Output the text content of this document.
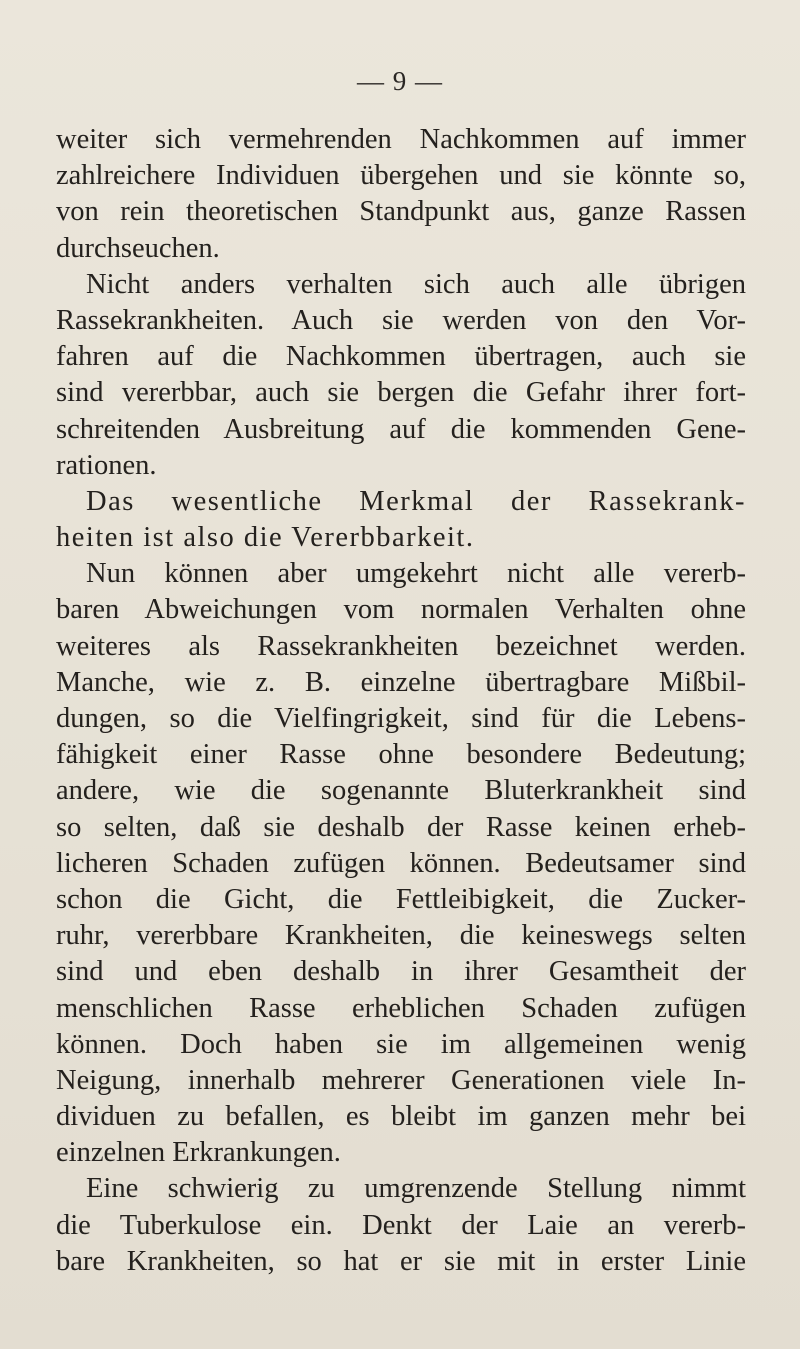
— 9 —
weiter sich vermehrenden Nachkommen auf immer
zahlreichere Individuen übergehen und sie könnte so,
von rein theoretischen Standpunkt aus, ganze Rassen
durchseuchen.
Nicht anders verhalten sich auch alle übrigen
Rassekrankheiten. Auch sie werden von den Vor-
fahren auf die Nachkommen übertragen, auch sie
sind vererbbar, auch sie bergen die Gefahr ihrer fort-
schreitenden Ausbreitung auf die kommenden Gene-
rationen.
Das wesentliche Merkmal der Rassekrank-
heiten ist also die Vererbbarkeit.
Nun können aber umgekehrt nicht alle vererb-
baren Abweichungen vom normalen Verhalten ohne
weiteres als Rassekrankheiten bezeichnet werden.
Manche, wie z. B. einzelne übertragbare Mißbil-
dungen, so die Vielfingrigkeit, sind für die Lebens-
fähigkeit einer Rasse ohne besondere Bedeutung;
andere, wie die sogenannte Bluterkrankheit sind
so selten, daß sie deshalb der Rasse keinen erheb-
licheren Schaden zufügen können. Bedeutsamer sind
schon die Gicht, die Fettleibigkeit, die Zucker-
ruhr, vererbbare Krankheiten, die keineswegs selten
sind und eben deshalb in ihrer Gesamtheit der
menschlichen Rasse erheblichen Schaden zufügen
können. Doch haben sie im allgemeinen wenig
Neigung, innerhalb mehrerer Generationen viele In-
dividuen zu befallen, es bleibt im ganzen mehr bei
einzelnen Erkrankungen.
Eine schwierig zu umgrenzende Stellung nimmt
die Tuberkulose ein. Denkt der Laie an vererb-
bare Krankheiten, so hat er sie mit in erster Linie
